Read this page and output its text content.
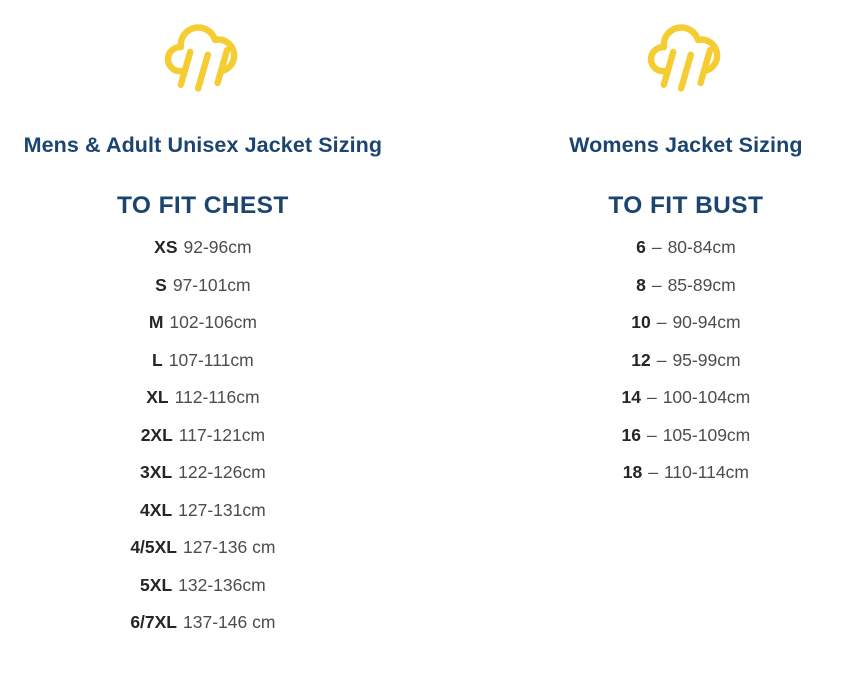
Mens & Adult Unisex Jacket Sizing
TO FIT CHEST
XS 92-96cm
S 97-101cm
M 102-106cm
L 107-111cm
XL 112-116cm
2XL 117-121cm
3XL 122-126cm
4XL 127-131cm
4/5XL 127-136 cm
5XL 132-136cm
6/7XL 137-146 cm
Womens Jacket Sizing
TO FIT BUST
6 – 80-84cm
8 – 85-89cm
10 – 90-94cm
12 – 95-99cm
14 – 100-104cm
16 – 105-109cm
18 – 110-114cm
